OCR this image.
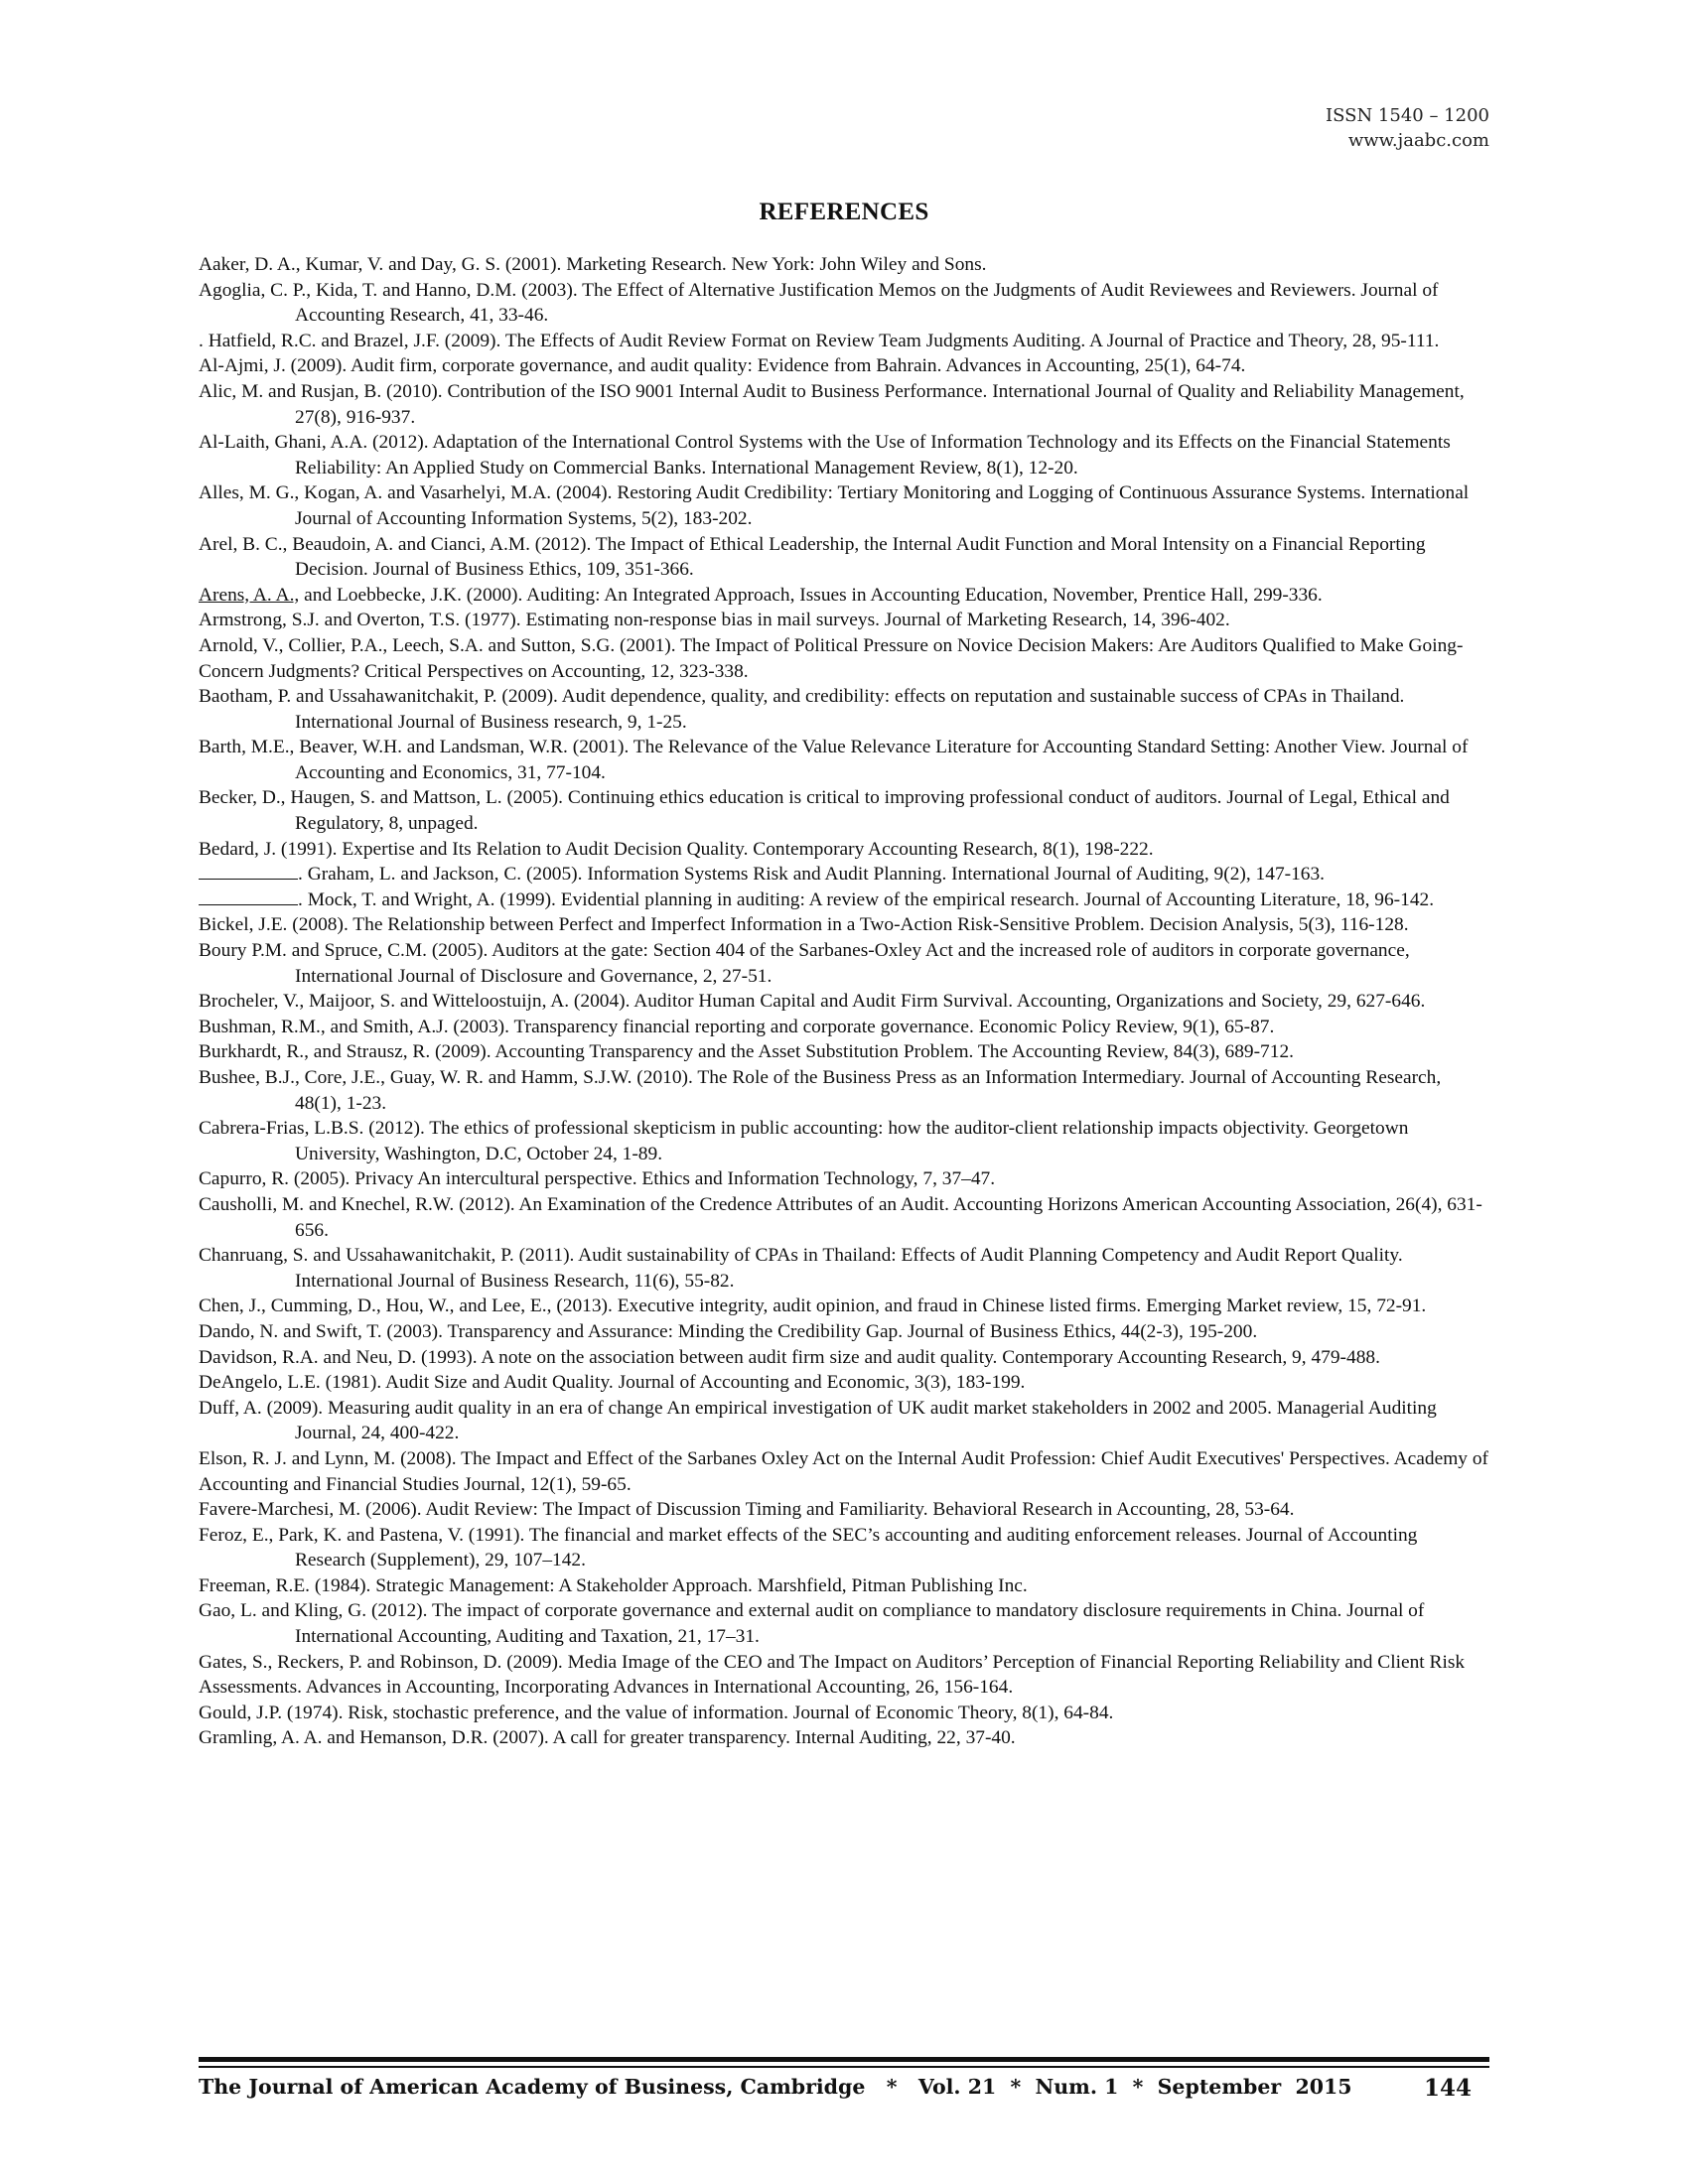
ISSN 1540 – 1200
www.jaabc.com
REFERENCES

Aaker, D. A., Kumar, V. and Day, G. S. (2001). Marketing Research. New York: John Wiley and Sons.

Agoglia, C. P., Kida, T. and Hanno, D.M. (2003). The Effect of Alternative Justification Memos on the Judgments of Audit Reviewees and Reviewers. Journal of Accounting Research, 41, 33-46.

. Hatfield, R.C. and Brazel, J.F. (2009). The Effects of Audit Review Format on Review Team Judgments Auditing. A Journal of Practice and Theory, 28, 95-111.

Al-Ajmi, J. (2009). Audit firm, corporate governance, and audit quality: Evidence from Bahrain. Advances in Accounting, 25(1), 64-74.

Alic, M. and Rusjan, B. (2010). Contribution of the ISO 9001 Internal Audit to Business Performance. International Journal of Quality and Reliability Management, 27(8), 916-937.

Al-Laith, Ghani, A.A. (2012). Adaptation of the International Control Systems with the Use of Information Technology and its Effects on the Financial Statements Reliability: An Applied Study on Commercial Banks. International Management Review, 8(1), 12-20.

Alles, M. G., Kogan, A. and Vasarhelyi, M.A. (2004). Restoring Audit Credibility: Tertiary Monitoring and Logging of Continuous Assurance Systems. International Journal of Accounting Information Systems, 5(2), 183-202.

Arel, B. C., Beaudoin, A. and Cianci, A.M. (2012). The Impact of Ethical Leadership, the Internal Audit Function and Moral Intensity on a Financial Reporting Decision. Journal of Business Ethics, 109, 351-366.

Arens, A. A., and Loebbecke, J.K. (2000). Auditing: An Integrated Approach, Issues in Accounting Education, November, Prentice Hall, 299-336.

Armstrong, S.J. and Overton, T.S. (1977). Estimating non-response bias in mail surveys. Journal of Marketing Research, 14, 396-402.

Arnold, V., Collier, P.A., Leech, S.A. and Sutton, S.G. (2001). The Impact of Political Pressure on Novice Decision Makers: Are Auditors Qualified to Make Going-Concern Judgments? Critical Perspectives on Accounting, 12, 323-338.

Baotham, P. and Ussahawanitchakit, P. (2009). Audit dependence, quality, and credibility: effects on reputation and sustainable success of CPAs in Thailand. International Journal of Business research, 9, 1-25.

Barth, M.E., Beaver, W.H. and Landsman, W.R. (2001). The Relevance of the Value Relevance Literature for Accounting Standard Setting: Another View. Journal of Accounting and Economics, 31, 77-104.

Becker, D., Haugen, S. and Mattson, L. (2005). Continuing ethics education is critical to improving professional conduct of auditors. Journal of Legal, Ethical and Regulatory, 8, unpaged.

Bedard, J. (1991). Expertise and Its Relation to Audit Decision Quality. Contemporary Accounting Research, 8(1), 198-222.

. Graham, L. and Jackson, C. (2005). Information Systems Risk and Audit Planning. International Journal of Auditing, 9(2), 147-163.

. Mock, T. and Wright, A. (1999). Evidential planning in auditing: A review of the empirical research. Journal of Accounting Literature, 18, 96-142.

Bickel, J.E. (2008). The Relationship between Perfect and Imperfect Information in a Two-Action Risk-Sensitive Problem. Decision Analysis, 5(3), 116-128.

Boury P.M. and Spruce, C.M. (2005). Auditors at the gate: Section 404 of the Sarbanes-Oxley Act and the increased role of auditors in corporate governance, International Journal of Disclosure and Governance, 2, 27-51.

Brocheler, V., Maijoor, S. and Witteloostuijn, A. (2004). Auditor Human Capital and Audit Firm Survival. Accounting, Organizations and Society, 29, 627-646.

Bushman, R.M., and Smith, A.J. (2003). Transparency financial reporting and corporate governance. Economic Policy Review, 9(1), 65-87.

Burkhardt, R., and Strausz, R. (2009). Accounting Transparency and the Asset Substitution Problem. The Accounting Review, 84(3), 689-712.

Bushee, B.J., Core, J.E., Guay, W. R. and Hamm, S.J.W. (2010). The Role of the Business Press as an Information Intermediary. Journal of Accounting Research, 48(1), 1-23.

Cabrera-Frias, L.B.S. (2012). The ethics of professional skepticism in public accounting: how the auditor-client relationship impacts objectivity. Georgetown University, Washington, D.C, October 24, 1-89.

Capurro, R. (2005). Privacy An intercultural perspective. Ethics and Information Technology, 7, 37–47.

Causholli, M. and Knechel, R.W. (2012). An Examination of the Credence Attributes of an Audit. Accounting Horizons American Accounting Association, 26(4), 631-656.

Chanruang, S. and Ussahawanitchakit, P. (2011). Audit sustainability of CPAs in Thailand: Effects of Audit Planning Competency and Audit Report Quality. International Journal of Business Research, 11(6), 55-82.

Chen, J., Cumming, D., Hou, W., and Lee, E., (2013). Executive integrity, audit opinion, and fraud in Chinese listed firms. Emerging Market review, 15, 72-91.

Dando, N. and Swift, T. (2003). Transparency and Assurance: Minding the Credibility Gap. Journal of Business Ethics, 44(2-3), 195-200.

Davidson, R.A. and Neu, D. (1993). A note on the association between audit firm size and audit quality. Contemporary Accounting Research, 9, 479-488.

DeAngelo, L.E. (1981). Audit Size and Audit Quality. Journal of Accounting and Economic, 3(3), 183-199.

Duff, A. (2009). Measuring audit quality in an era of change An empirical investigation of UK audit market stakeholders in 2002 and 2005. Managerial Auditing Journal, 24, 400-422.

Elson, R. J. and Lynn, M. (2008). The Impact and Effect of the Sarbanes Oxley Act on the Internal Audit Profession: Chief Audit Executives' Perspectives. Academy of Accounting and Financial Studies Journal, 12(1), 59-65.

Favere-Marchesi, M. (2006). Audit Review: The Impact of Discussion Timing and Familiarity. Behavioral Research in Accounting, 28, 53-64.

Feroz, E., Park, K. and Pastena, V. (1991). The financial and market effects of the SEC’s accounting and auditing enforcement releases. Journal of Accounting Research (Supplement), 29, 107–142.

Freeman, R.E. (1984). Strategic Management: A Stakeholder Approach. Marshfield, Pitman Publishing Inc.

Gao, L. and Kling, G. (2012). The impact of corporate governance and external audit on compliance to mandatory disclosure requirements in China. Journal of International Accounting, Auditing and Taxation, 21, 17–31.

Gates, S., Reckers, P. and Robinson, D. (2009). Media Image of the CEO and The Impact on Auditors’ Perception of Financial Reporting Reliability and Client Risk Assessments. Advances in Accounting, Incorporating Advances in International Accounting, 26, 156-164.

Gould, J.P. (1974). Risk, stochastic preference, and the value of information. Journal of Economic Theory, 8(1), 64-84.

Gramling, A. A. and Hemanson, D.R. (2007). A call for greater transparency. Internal Auditing, 22, 37-40.

The Journal of American Academy of Business, Cambridge   *   Vol. 21  *  Num. 1  *  September  2015	144
